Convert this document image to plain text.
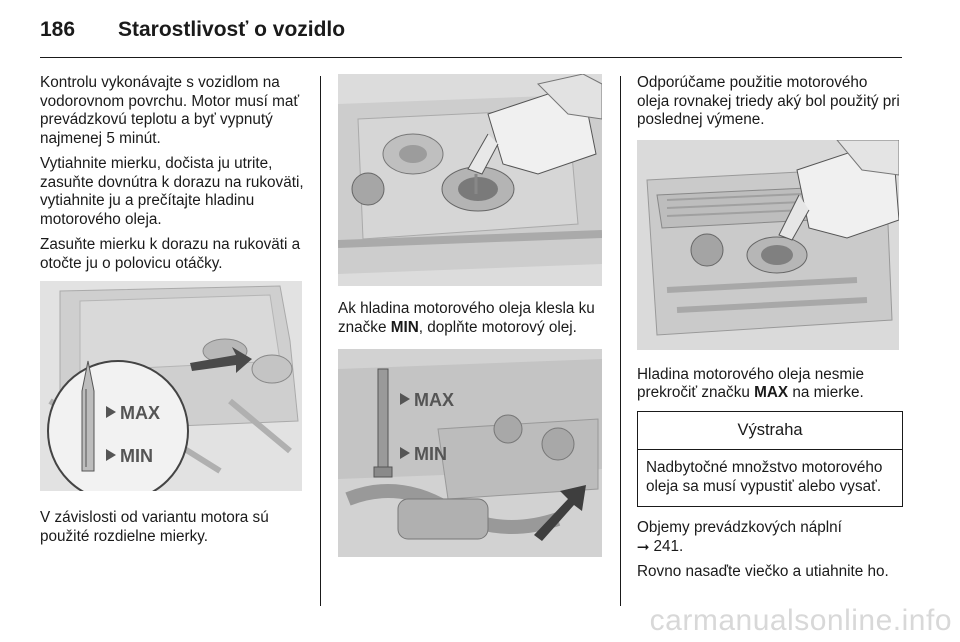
186	Starostlivosť o vozidlo

Kontrolu vykonávajte s vozidlom na vodorovnom povrchu. Motor musí mať prevádzkovú teplotu a byť vypnutý najmenej 5 minút.

Vytiahnite mierku, dočista ju utrite, zasuňte dovnútra k dorazu na rukoväti, vytiahnite ju a prečítajte hladinu motorového oleja.

Zasuňte mierku k dorazu na rukoväti a otočte ju o polovicu otáčky.

MAX
MIN

V závislosti od variantu motora sú použité rozdielne mierky.

Ak hladina motorového oleja klesla ku značke MIN, doplňte motorový olej.

MAX
MIN

Odporúčame použitie motorového oleja rovnakej triedy aký bol použitý pri poslednej výmene.

Hladina motorového oleja nesmie prekročiť značku MAX na mierke.

Výstraha
Nadbytočné množstvo motorového oleja sa musí vypustiť alebo vysať.

Objemy prevádzkových náplní
⭢ 241.

Rovno nasaďte viečko a utiahnite ho.

carmanualsonline.info
